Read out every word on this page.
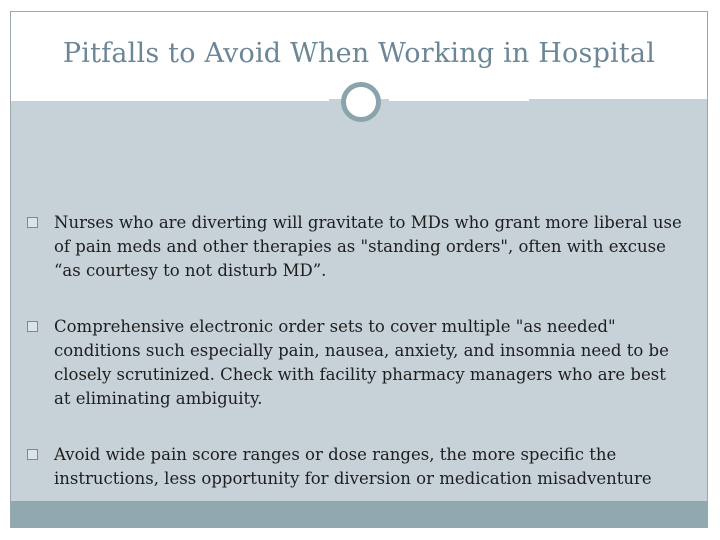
Pitfalls to Avoid When Working in Hospital
Nurses who are diverting will gravitate to MDs who grant more liberal use of pain meds and other therapies as "standing orders", often with excuse “as courtesy to not disturb MD”.
Comprehensive electronic order sets to cover multiple "as needed" conditions such especially pain, nausea, anxiety, and insomnia need to be closely scrutinized. Check with facility pharmacy managers who are best at eliminating ambiguity.
Avoid wide pain score ranges or dose ranges, the more specific the instructions, less opportunity for diversion or medication misadventure
